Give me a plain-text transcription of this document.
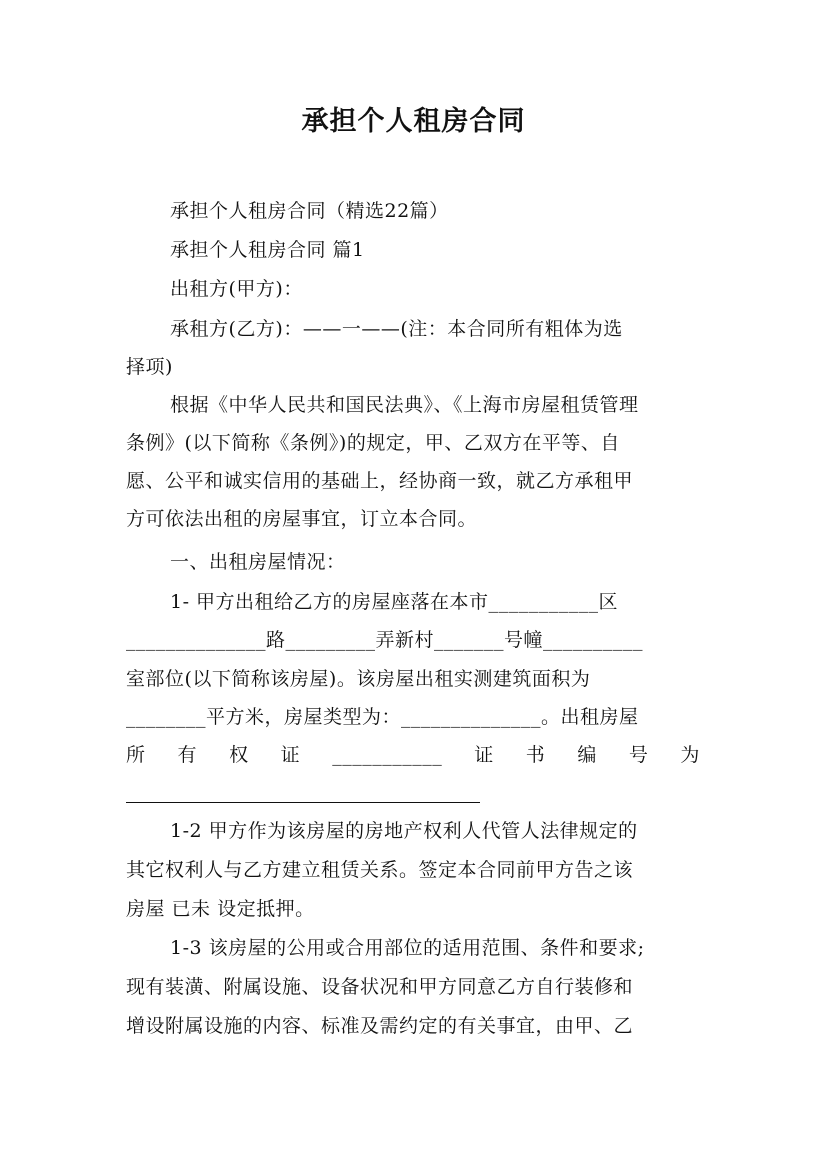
承担个人租房合同
承担个人租房合同（精选22篇）
承担个人租房合同 篇1
出租方(甲方)：
承租方(乙方)：——一——(注：本合同所有粗体为选
择项)
根据《中华人民共和国民法典》、《上海市房屋租赁管理
条例》(以下简称《条例》)的规定，甲、乙双方在平等、自
愿、公平和诚实信用的基础上，经协商一致，就乙方承租甲
方可依法出租的房屋事宜，订立本合同。
一、出租房屋情况：
1- 甲方出租给乙方的房屋座落在本市___________区
______________路_________弄新村_______号幢__________
室部位(以下简称该房屋)。该房屋出租实测建筑面积为
________平方米，房屋类型为：______________。出租房屋
所 有 权 证 ___________ 证 书 编 号 为
1-2 甲方作为该房屋的房地产权利人代管人法律规定的
其它权利人与乙方建立租赁关系。签定本合同前甲方告之该
房屋 已未 设定抵押。
1-3 该房屋的公用或合用部位的适用范围、条件和要求;
现有装潢、附属设施、设备状况和甲方同意乙方自行装修和
增设附属设施的内容、标准及需约定的有关事宜，由甲、乙
